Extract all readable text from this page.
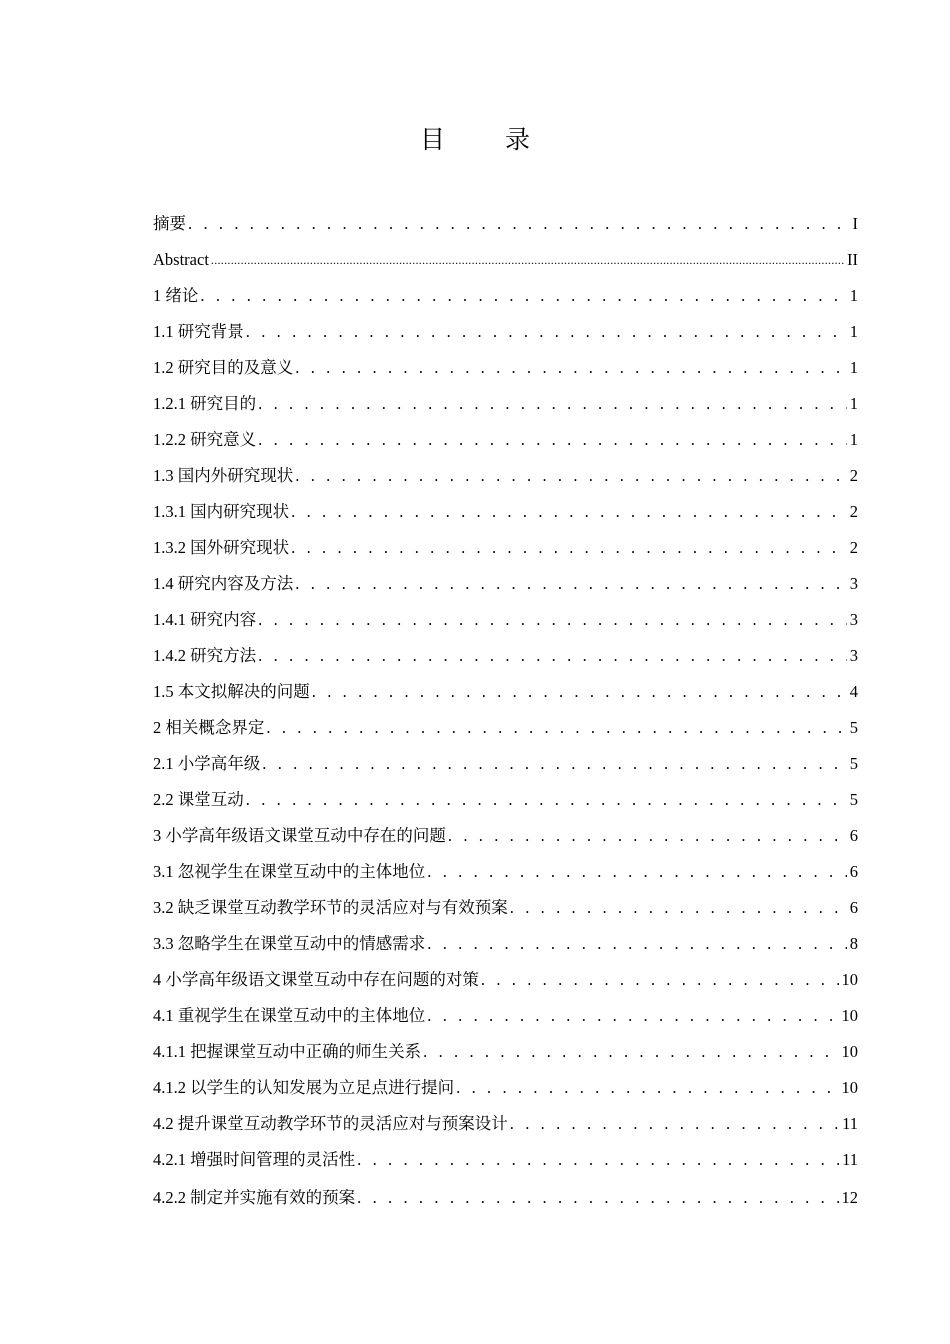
目 录
摘要 . . .	I
Abstract .....	II
1 绪论 . . .	1
1.1 研究背景 . . .	1
1.2 研究目的及意义 . . .	1
1.2.1 研究目的 . . .	1
1.2.2 研究意义 . . .	1
1.3 国内外研究现状 . . .	2
1.3.1 国内研究现状 . . .	2
1.3.2 国外研究现状 . . .	2
1.4 研究内容及方法 . . .	3
1.4.1 研究内容 . . .	3
1.4.2 研究方法 . . .	3
1.5 本文拟解决的问题 . . .	4
2 相关概念界定 . . .	5
2.1 小学高年级 . . .	5
2.2 课堂互动 . . .	5
3 小学高年级语文课堂互动中存在的问题 . . .	6
3.1 忽视学生在课堂互动中的主体地位 . . .	6
3.2 缺乏课堂互动教学环节的灵活应对与有效预案 . . .	6
3.3 忽略学生在课堂互动中的情感需求 . . .	8
4 小学高年级语文课堂互动中存在问题的对策 . . .	10
4.1 重视学生在课堂互动中的主体地位 . . .	10
4.1.1 把握课堂互动中正确的师生关系 . . .	10
4.1.2 以学生的认知发展为立足点进行提问 . . .	10
4.2 提升课堂互动教学环节的灵活应对与预案设计 . . .	11
4.2.1 增强时间管理的灵活性 . . .	11
4.2.2 制定并实施有效的预案 . . .	12
